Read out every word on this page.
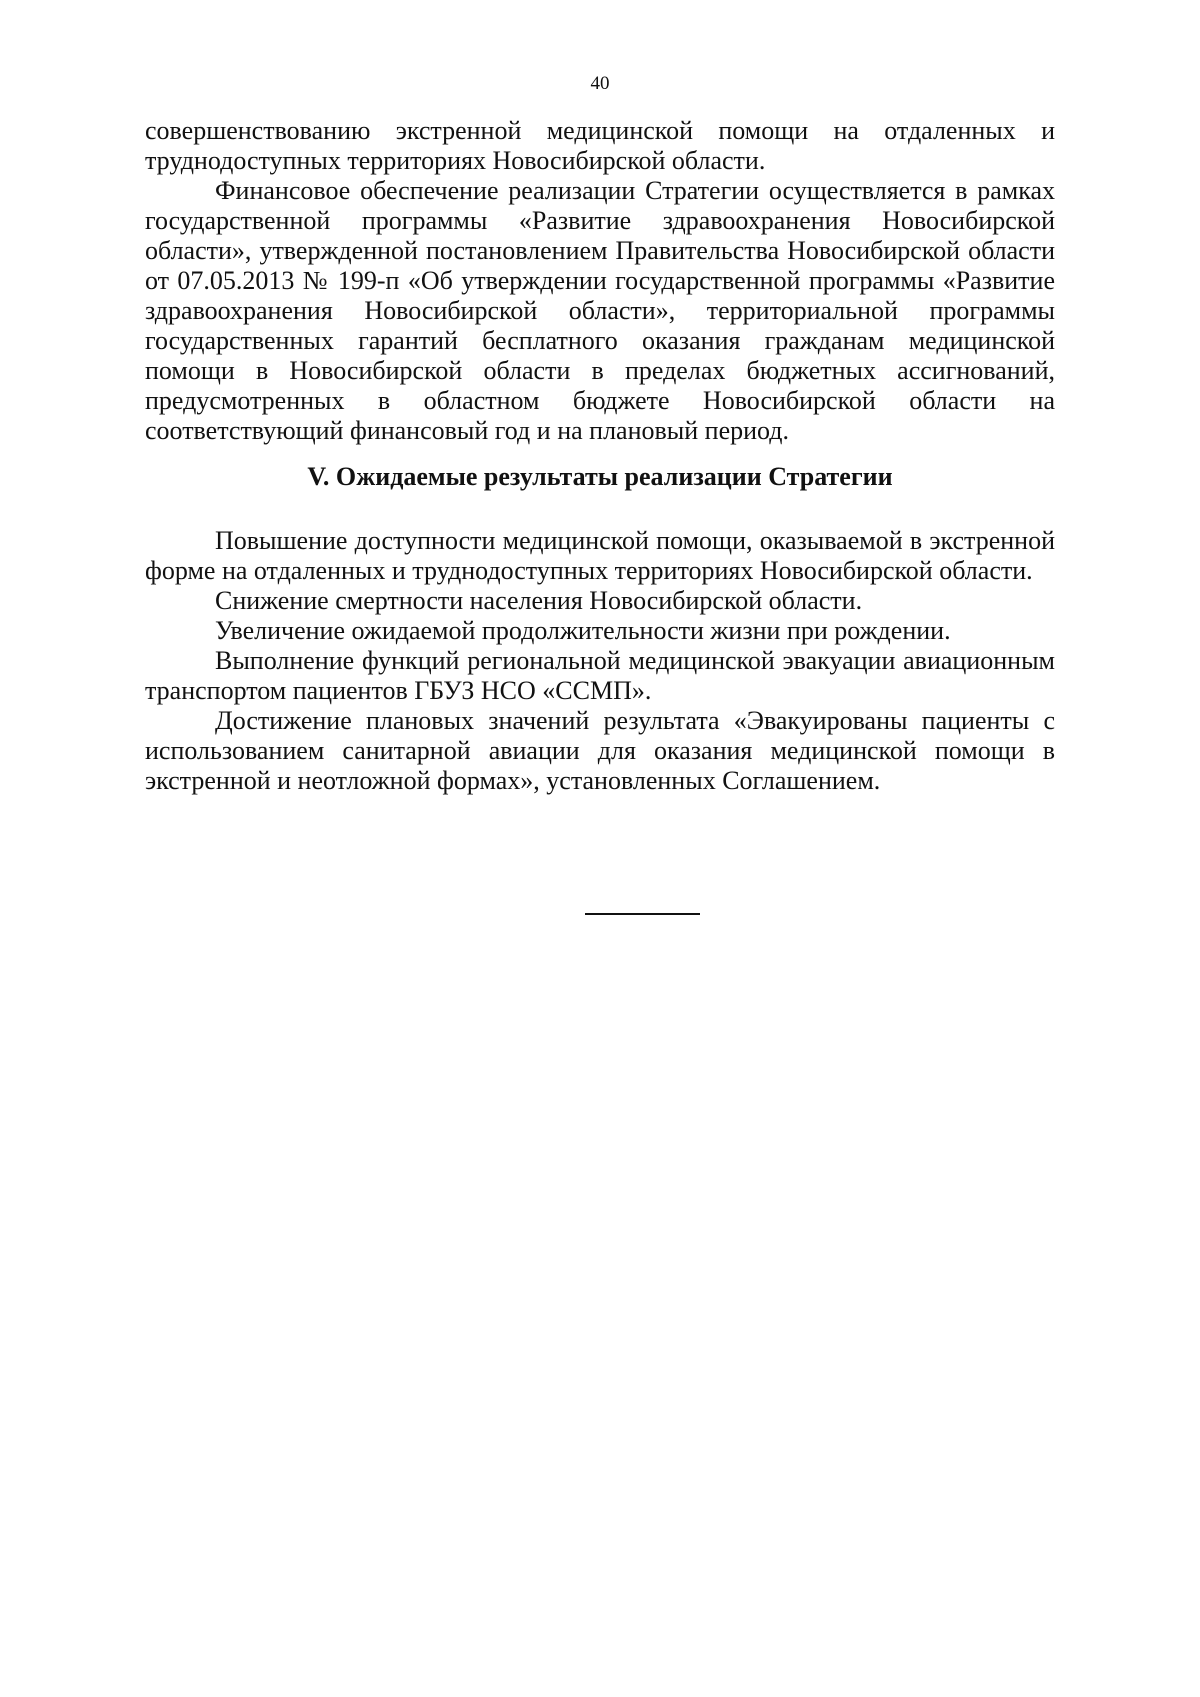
40

совершенствованию экстренной медицинской помощи на отдаленных и труднодоступных территориях Новосибирской области.

Финансовое обеспечение реализации Стратегии осуществляется в рамках государственной программы «Развитие здравоохранения Новосибирской области», утвержденной постановлением Правительства Новосибирской области от 07.05.2013 № 199-п «Об утверждении государственной программы «Развитие здравоохранения Новосибирской области», территориальной программы государственных гарантий бесплатного оказания гражданам медицинской помощи в Новосибирской области в пределах бюджетных ассигнований, предусмотренных в областном бюджете Новосибирской области на соответствующий финансовый год и на плановый период.

V. Ожидаемые результаты реализации Стратегии

Повышение доступности медицинской помощи, оказываемой в экстренной форме на отдаленных и труднодоступных территориях Новосибирской области.

Снижение смертности населения Новосибирской области.

Увеличение ожидаемой продолжительности жизни при рождении.

Выполнение функций региональной медицинской эвакуации авиационным транспортом пациентов ГБУЗ НСО «ССМП».

Достижение плановых значений результата «Эвакуированы пациенты с использованием санитарной авиации для оказания медицинской помощи в экстренной и неотложной формах», установленных Соглашением.
